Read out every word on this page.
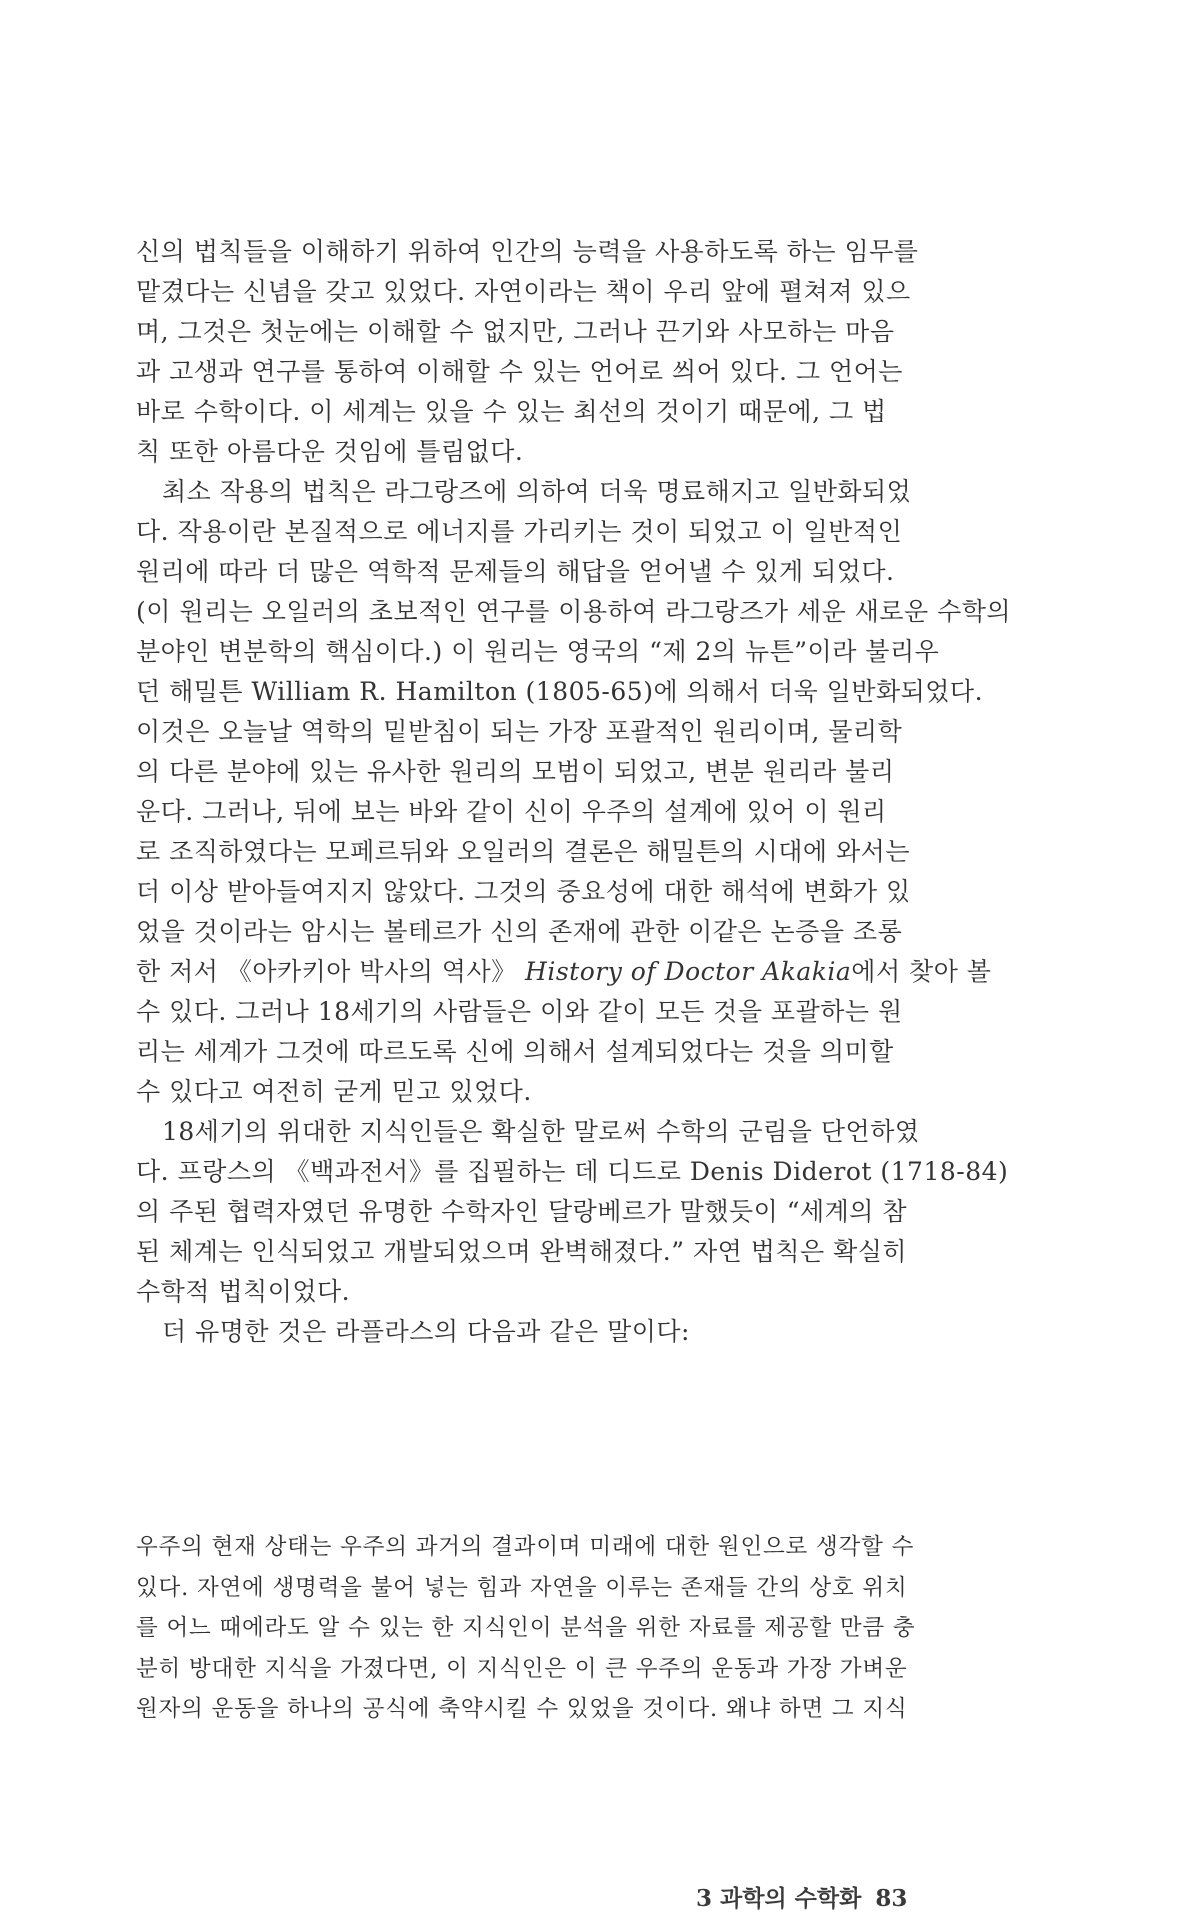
신의 법칙들을 이해하기 위하여 인간의 능력을 사용하도록 하는 임무를
맡겼다는 신념을 갖고 있었다. 자연이라는 책이 우리 앞에 펼쳐져 있으
며, 그것은 첫눈에는 이해할 수 없지만, 그러나 끈기와 사모하는 마음
과 고생과 연구를 통하여 이해할 수 있는 언어로 씌어 있다. 그 언어는
바로 수학이다. 이 세계는 있을 수 있는 최선의 것이기 때문에, 그 법
칙 또한 아름다운 것임에 틀림없다.
최소 작용의 법칙은 라그랑즈에 의하여 더욱 명료해지고 일반화되었
다. 작용이란 본질적으로 에너지를 가리키는 것이 되었고 이 일반적인
원리에 따라 더 많은 역학적 문제들의 해답을 얻어낼 수 있게 되었다.
(이 원리는 오일러의 초보적인 연구를 이용하여 라그랑즈가 세운 새로운 수학의
분야인 변분학의 핵심이다.) 이 원리는 영국의 “제 2의 뉴튼”이라 불리우
던 해밀튼 William R. Hamilton (1805-65)에 의해서 더욱 일반화되었다.
이것은 오늘날 역학의 밑받침이 되는 가장 포괄적인 원리이며, 물리학
의 다른 분야에 있는 유사한 원리의 모범이 되었고, 변분 원리라 불리
운다. 그러나, 뒤에 보는 바와 같이 신이 우주의 설계에 있어 이 원리
로 조직하였다는 모페르뒤와 오일러의 결론은 해밀튼의 시대에 와서는
더 이상 받아들여지지 않았다. 그것의 중요성에 대한 해석에 변화가 있
었을 것이라는 암시는 볼테르가 신의 존재에 관한 이같은 논증을 조롱
한 저서 《아카키아 박사의 역사》 History of Doctor Akakia에서 찾아 볼
수 있다. 그러나 18세기의 사람들은 이와 같이 모든 것을 포괄하는 원
리는 세계가 그것에 따르도록 신에 의해서 설계되었다는 것을 의미할
수 있다고 여전히 굳게 믿고 있었다.
18세기의 위대한 지식인들은 확실한 말로써 수학의 군림을 단언하였
다. 프랑스의 《백과전서》를 집필하는 데 디드로 Denis Diderot (1718-84)
의 주된 협력자였던 유명한 수학자인 달랑베르가 말했듯이 “세계의 참
된 체계는 인식되었고 개발되었으며 완벽해졌다.” 자연 법칙은 확실히
수학적 법칙이었다.
더 유명한 것은 라플라스의 다음과 같은 말이다:
우주의 현재 상태는 우주의 과거의 결과이며 미래에 대한 원인으로 생각할 수
있다. 자연에 생명력을 불어 넣는 힘과 자연을 이루는 존재들 간의 상호 위치
를 어느 때에라도 알 수 있는 한 지식인이 분석을 위한 자료를 제공할 만큼 충
분히 방대한 지식을 가졌다면, 이 지식인은 이 큰 우주의 운동과 가장 가벼운
원자의 운동을 하나의 공식에 축약시킬 수 있었을 것이다. 왜냐 하면 그 지식
3 과학의 수학화 83
